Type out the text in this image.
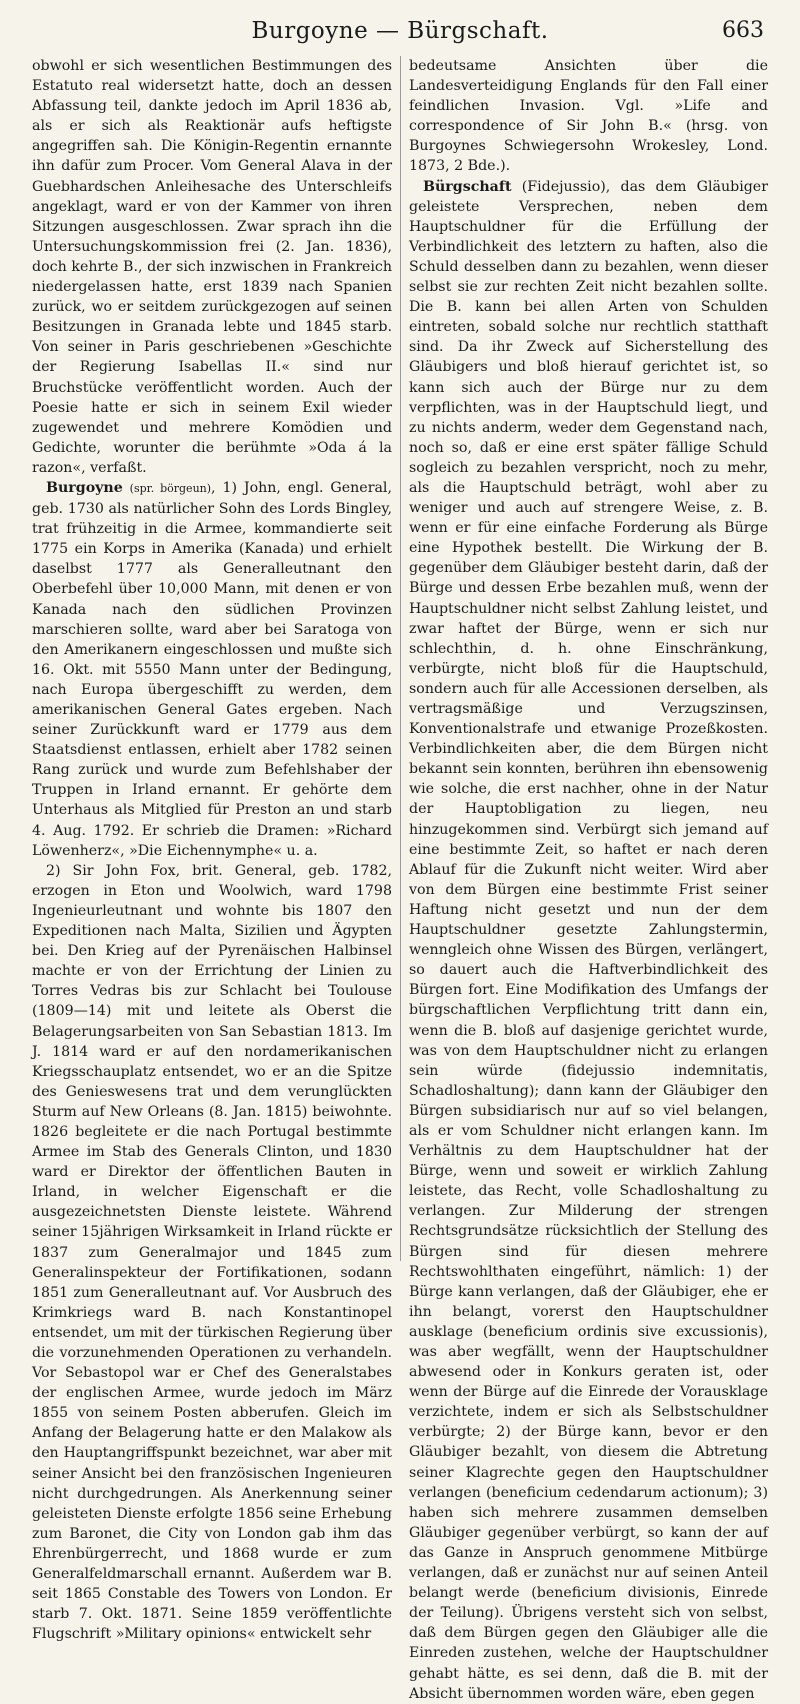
Burgoyne — Bürgschaft.	663

obwohl er sich wesentlichen Bestimmungen des Estatuto real widersetzt hatte, doch an dessen Abfassung teil, dankte jedoch im April 1836 ab, als er sich als Reaktionär aufs heftigste angegriffen sah. Die Königin-Regentin ernannte ihn dafür zum Procer. Vom General Alava in der Guebhardschen Anleihesache des Unterschleifs angeklagt, ward er von der Kammer von ihren Sitzungen ausgeschlossen. Zwar sprach ihn die Untersuchungskommission frei (2. Jan. 1836), doch kehrte B., der sich inzwischen in Frankreich niedergelassen hatte, erst 1839 nach Spanien zurück, wo er seitdem zurückgezogen auf seinen Besitzungen in Granada lebte und 1845 starb. Von seiner in Paris geschriebenen »Geschichte der Regierung Isabellas II.« sind nur Bruchstücke veröffentlicht worden. Auch der Poesie hatte er sich in seinem Exil wieder zugewendet und mehrere Komödien und Gedichte, worunter die berühmte »Oda á la razon«, verfaßt.

Burgoyne (spr. börgeun), 1) John, engl. General, geb. 1730 als natürlicher Sohn des Lords Bingley, trat frühzeitig in die Armee, kommandierte seit 1775 ein Korps in Amerika (Kanada) und erhielt daselbst 1777 als Generalleutnant den Oberbefehl über 10,000 Mann, mit denen er von Kanada nach den südlichen Provinzen marschieren sollte, ward aber bei Saratoga von den Amerikanern eingeschlossen und mußte sich 16. Okt. mit 5550 Mann unter der Bedingung, nach Europa übergeschifft zu werden, dem amerikanischen General Gates ergeben. Nach seiner Zurückkunft ward er 1779 aus dem Staatsdienst entlassen, erhielt aber 1782 seinen Rang zurück und wurde zum Befehlshaber der Truppen in Irland ernannt. Er gehörte dem Unterhaus als Mitglied für Preston an und starb 4. Aug. 1792. Er schrieb die Dramen: »Richard Löwenherz«, »Die Eichennymphe« u. a.

2) Sir John Fox, brit. General, geb. 1782, erzogen in Eton und Woolwich, ward 1798 Ingenieurleutnant und wohnte bis 1807 den Expeditionen nach Malta, Sizilien und Ägypten bei. Den Krieg auf der Pyrenäischen Halbinsel machte er von der Errichtung der Linien zu Torres Vedras bis zur Schlacht bei Toulouse (1809—14) mit und leitete als Oberst die Belagerungsarbeiten von San Sebastian 1813. Im J. 1814 ward er auf den nordamerikanischen Kriegsschauplatz entsendet, wo er an die Spitze des Genieswesens trat und dem verunglückten Sturm auf New Orleans (8. Jan. 1815) beiwohnte. 1826 begleitete er die nach Portugal bestimmte Armee im Stab des Generals Clinton, und 1830 ward er Direktor der öffentlichen Bauten in Irland, in welcher Eigenschaft er die ausgezeichnetsten Dienste leistete. Während seiner 15jährigen Wirksamkeit in Irland rückte er 1837 zum Generalmajor und 1845 zum Generalinspekteur der Fortifikationen, sodann 1851 zum Generalleutnant auf. Vor Ausbruch des Krimkriegs ward B. nach Konstantinopel entsendet, um mit der türkischen Regierung über die vorzunehmenden Operationen zu verhandeln. Vor Sebastopol war er Chef des Generalstabes der englischen Armee, wurde jedoch im März 1855 von seinem Posten abberufen. Gleich im Anfang der Belagerung hatte er den Malakow als den Hauptangriffspunkt bezeichnet, war aber mit seiner Ansicht bei den französischen Ingenieuren nicht durchgedrungen. Als Anerkennung seiner geleisteten Dienste erfolgte 1856 seine Erhebung zum Baronet, die City von London gab ihm das Ehrenbürgerrecht, und 1868 wurde er zum Generalfeldmarschall ernannt. Außerdem war B. seit 1865 Constable des Towers von London. Er starb 7. Okt. 1871. Seine 1859 veröffentlichte Flugschrift »Military opinions« entwickelt sehr

bedeutsame Ansichten über die Landesverteidigung Englands für den Fall einer feindlichen Invasion. Vgl. »Life and correspondence of Sir John B.« (hrsg. von Burgoynes Schwiegersohn Wrokesley, Lond. 1873, 2 Bde.).

Bürgschaft (Fidejussio), das dem Gläubiger geleistete Versprechen, neben dem Hauptschuldner für die Erfüllung der Verbindlichkeit des letztern zu haften, also die Schuld desselben dann zu bezahlen, wenn dieser selbst sie zur rechten Zeit nicht bezahlen sollte. Die B. kann bei allen Arten von Schulden eintreten, sobald solche nur rechtlich statthaft sind. Da ihr Zweck auf Sicherstellung des Gläubigers und bloß hierauf gerichtet ist, so kann sich auch der Bürge nur zu dem verpflichten, was in der Hauptschuld liegt, und zu nichts anderm, weder dem Gegenstand nach, noch so, daß er eine erst später fällige Schuld sogleich zu bezahlen verspricht, noch zu mehr, als die Hauptschuld beträgt, wohl aber zu weniger und auch auf strengere Weise, z. B. wenn er für eine einfache Forderung als Bürge eine Hypothek bestellt. Die Wirkung der B. gegenüber dem Gläubiger besteht darin, daß der Bürge und dessen Erbe bezahlen muß, wenn der Hauptschuldner nicht selbst Zahlung leistet, und zwar haftet der Bürge, wenn er sich nur schlechthin, d. h. ohne Einschränkung, verbürgte, nicht bloß für die Hauptschuld, sondern auch für alle Accessionen derselben, als vertragsmäßige und Verzugszinsen, Konventionalstrafe und etwanige Prozeßkosten. Verbindlichkeiten aber, die dem Bürgen nicht bekannt sein konnten, berühren ihn ebensowenig wie solche, die erst nachher, ohne in der Natur der Hauptobligation zu liegen, neu hinzugekommen sind. Verbürgt sich jemand auf eine bestimmte Zeit, so haftet er nach deren Ablauf für die Zukunft nicht weiter. Wird aber von dem Bürgen eine bestimmte Frist seiner Haftung nicht gesetzt und nun der dem Hauptschuldner gesetzte Zahlungstermin, wenngleich ohne Wissen des Bürgen, verlängert, so dauert auch die Haftverbindlichkeit des Bürgen fort. Eine Modifikation des Umfangs der bürgschaftlichen Verpflichtung tritt dann ein, wenn die B. bloß auf dasjenige gerichtet wurde, was von dem Hauptschuldner nicht zu erlangen sein würde (fidejussio indemnitatis, Schadloshaltung); dann kann der Gläubiger den Bürgen subsidiarisch nur auf so viel belangen, als er vom Schuldner nicht erlangen kann. Im Verhältnis zu dem Hauptschuldner hat der Bürge, wenn und soweit er wirklich Zahlung leistete, das Recht, volle Schadloshaltung zu verlangen. Zur Milderung der strengen Rechtsgrundsätze rücksichtlich der Stellung des Bürgen sind für diesen mehrere Rechtswohlthaten eingeführt, nämlich: 1) der Bürge kann verlangen, daß der Gläubiger, ehe er ihn belangt, vorerst den Hauptschuldner ausklage (beneficium ordinis sive excussionis), was aber wegfällt, wenn der Hauptschuldner abwesend oder in Konkurs geraten ist, oder wenn der Bürge auf die Einrede der Vorausklage verzichtete, indem er sich als Selbstschuldner verbürgte; 2) der Bürge kann, bevor er den Gläubiger bezahlt, von diesem die Abtretung seiner Klagrechte gegen den Hauptschuldner verlangen (beneficium cedendarum actionum); 3) haben sich mehrere zusammen demselben Gläubiger gegenüber verbürgt, so kann der auf das Ganze in Anspruch genommene Mitbürge verlangen, daß er zunächst nur auf seinen Anteil belangt werde (beneficium divisionis, Einrede der Teilung). Übrigens versteht sich von selbst, daß dem Bürgen gegen den Gläubiger alle die Einreden zustehen, welche der Hauptschuldner gehabt hätte, es sei denn, daß die B. mit der Absicht übernommen worden wäre, eben gegen
